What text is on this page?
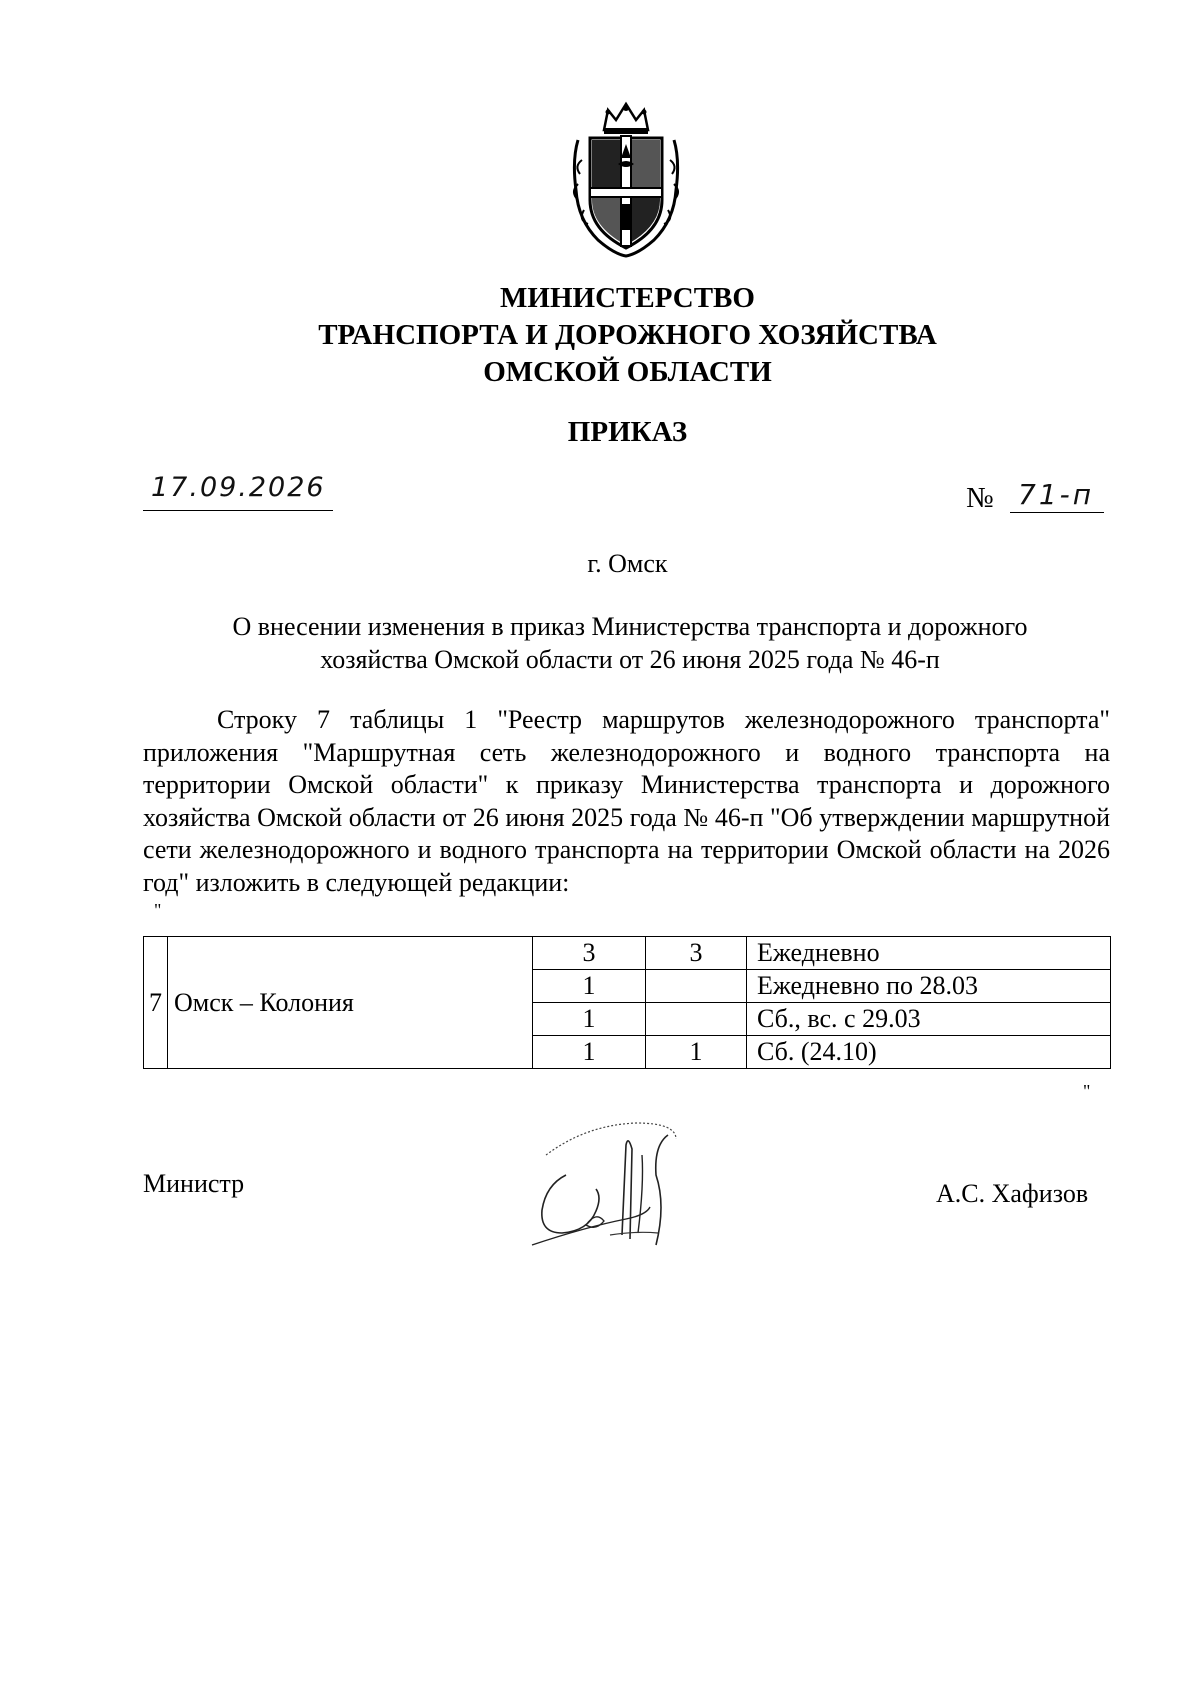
МИНИСТЕРСТВО
ТРАНСПОРТА И ДОРОЖНОГО ХОЗЯЙСТВА
ОМСКОЙ ОБЛАСТИ
ПРИКАЗ
17.09.2026	№ 71-п
г. Омск
О внесении изменения в приказ Министерства транспорта и дорожного
хозяйства Омской области от 26 июня 2025 года № 46-п

Строку 7 таблицы 1 "Реестр маршрутов железнодорожного транспорта" приложения "Маршрутная сеть железнодорожного и водного транспорта на территории Омской области" к приказу Министерства транспорта и дорожного хозяйства Омской области от 26 июня 2025 года № 46-п "Об утверждении маршрутной сети железнодорожного и водного транспорта на территории Омской области на 2026 год" изложить в следующей редакции:

"
7	Омск – Колония	3	3	Ежедневно
		1		Ежедневно по 28.03
		1		Сб., вс. с 29.03
		1	1	Сб. (24.10)
"
Министр	А.С. Хафизов
